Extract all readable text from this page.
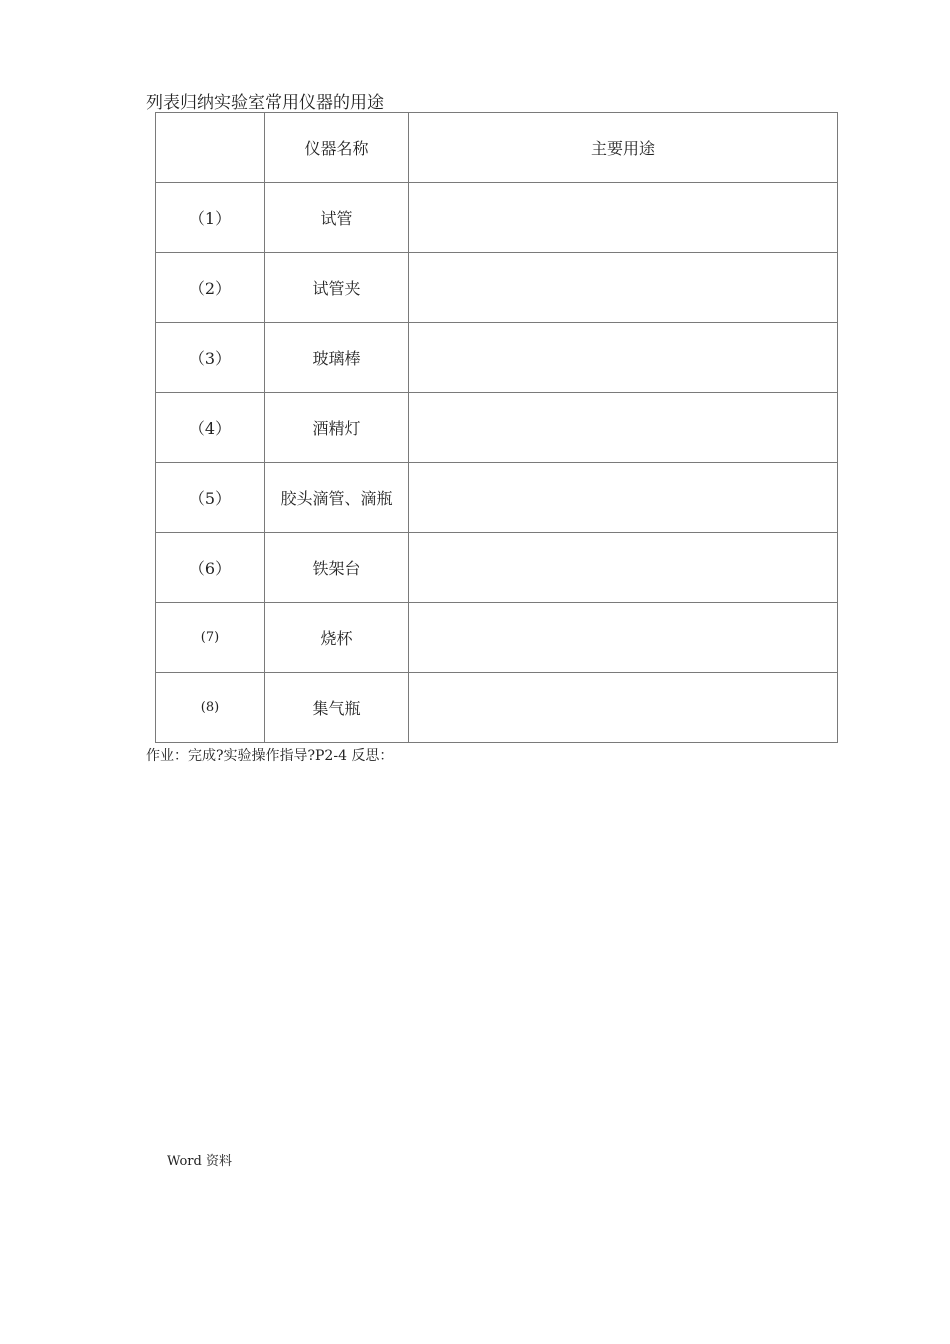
列表归纳实验室常用仪器的用途
	仪器名称	主要用途
（1）	试管	
（2）	试管夹	
（3）	玻璃棒	
（4）	酒精灯	
（5）	胶头滴管、滴瓶	
（6）	铁架台	
(7)	烧杯	
(8)	集气瓶	
作业：完成?实验操作指导?P2-4 反思：
Word 资料
